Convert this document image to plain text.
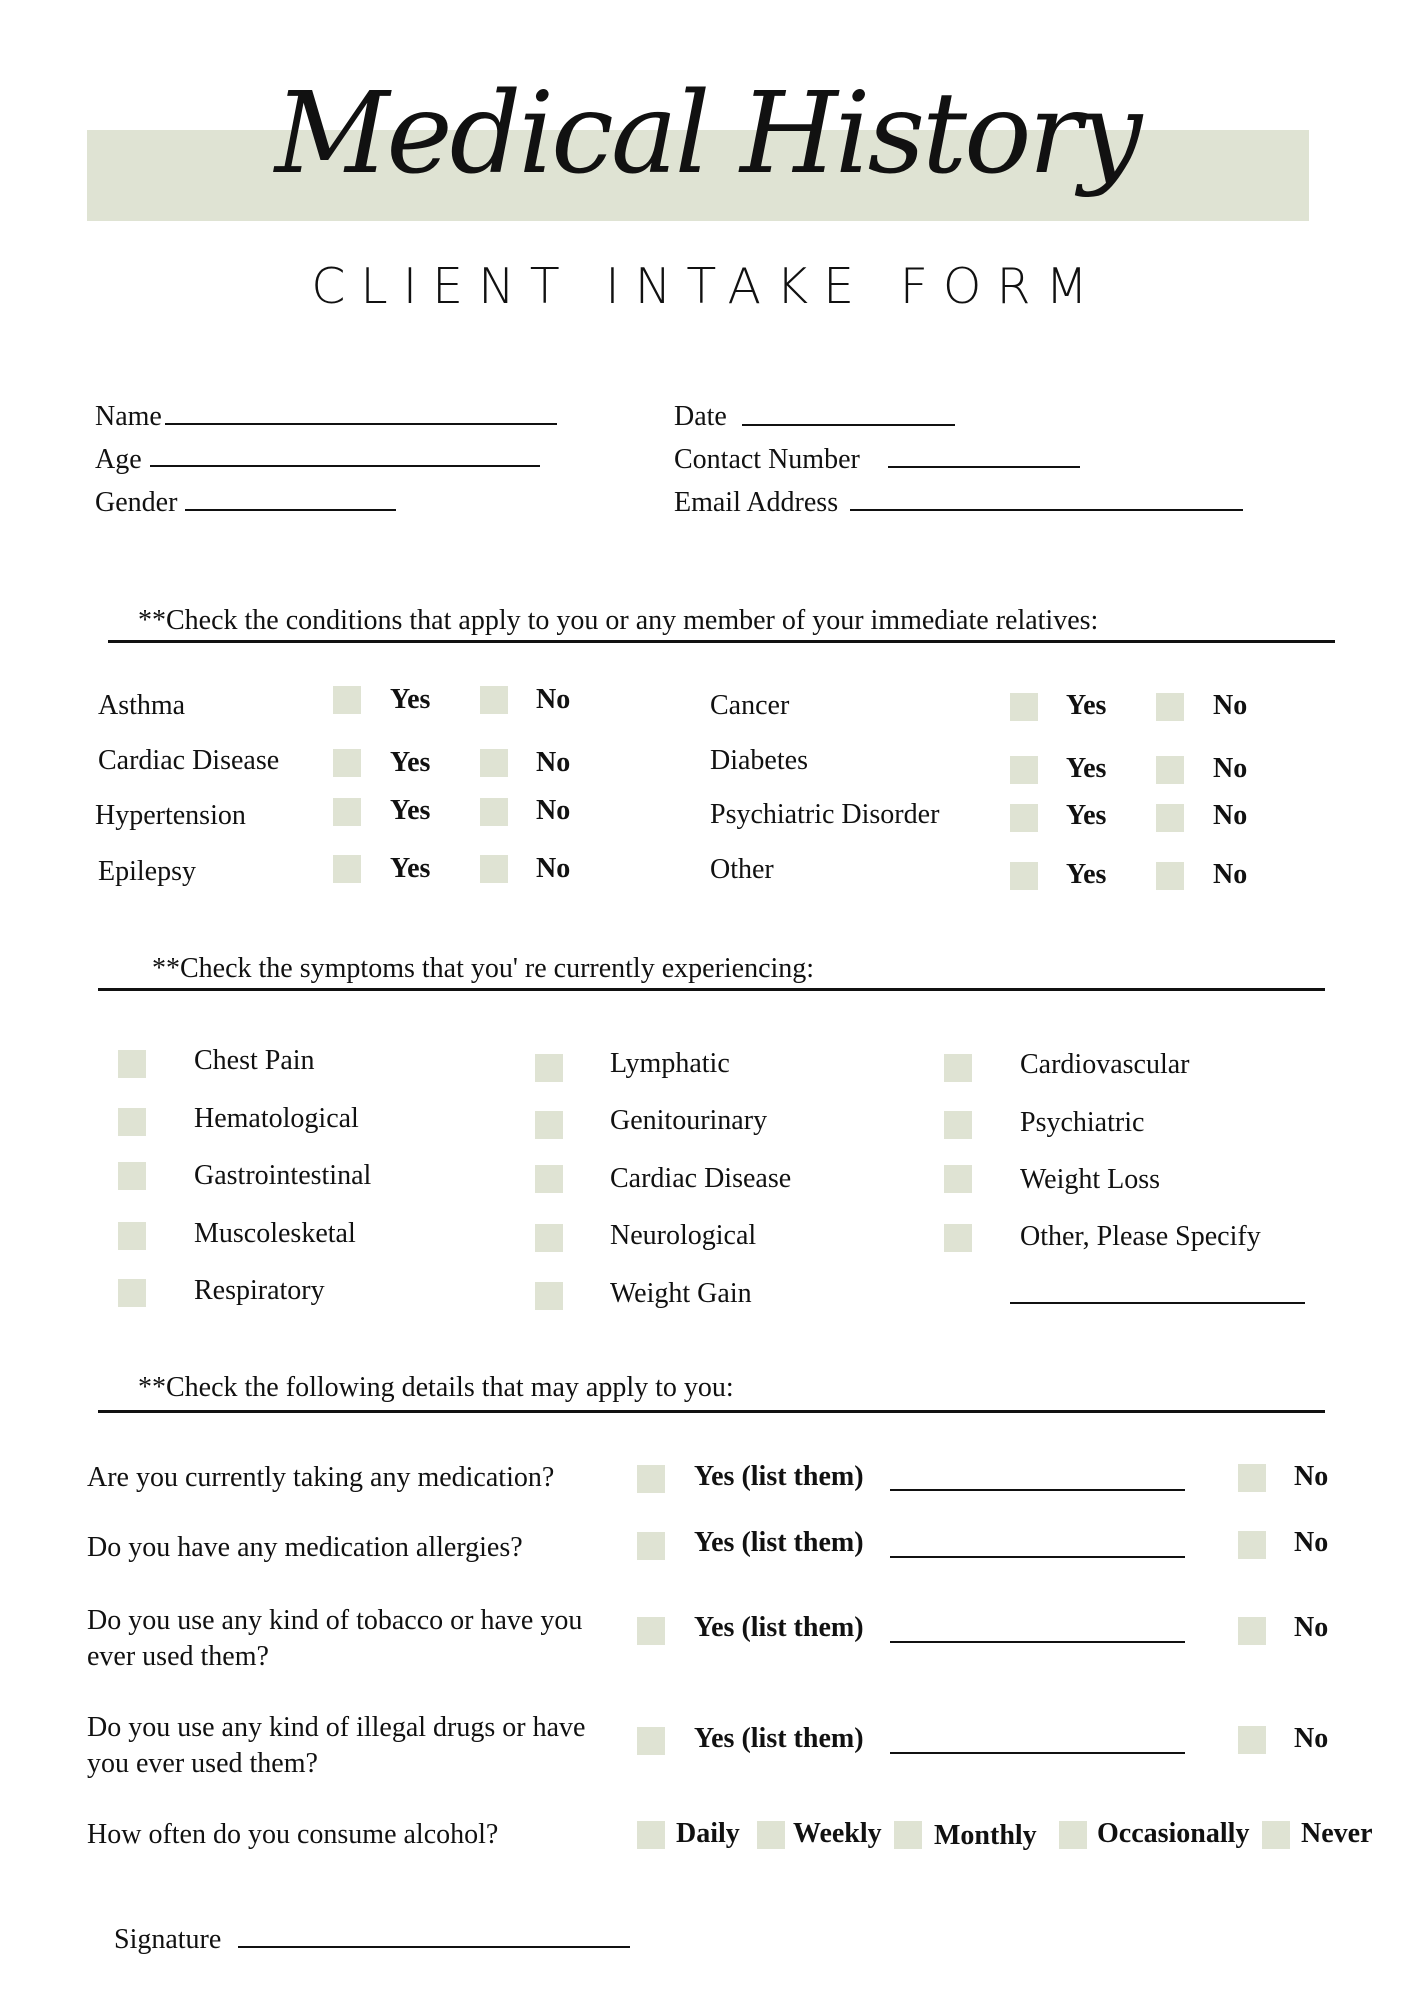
Medical History
CLIENT INTAKE FORM
Name
Age
Gender
Date
Contact Number
Email Address
**Check the conditions that apply to you or any member of your immediate relatives:
Asthma	Yes	No
Cardiac Disease	Yes	No
Hypertension	Yes	No
Epilepsy	Yes	No
Cancer	Yes	No
Diabetes	Yes	No
Psychiatric Disorder	Yes	No
Other	Yes	No
**Check the symptoms that you' re currently experiencing:
Chest Pain
Hematological
Gastrointestinal
Muscolesketal
Respiratory
Lymphatic
Genitourinary
Cardiac Disease
Neurological
Weight Gain
Cardiovascular
Psychiatric
Weight Loss
Other, Please Specify
**Check the following details that may apply to you:
Are you currently taking any medication?	Yes (list them)	No
Do you have any medication allergies?	Yes (list them)	No
Do you use any kind of tobacco or have you
ever used them?
Yes (list them)	No
Do you use any kind of illegal drugs or have
you ever used them?
Yes (list them)	No
How often do you consume alcohol?	Daily Weekly Monthly Occasionally Never
Signature
